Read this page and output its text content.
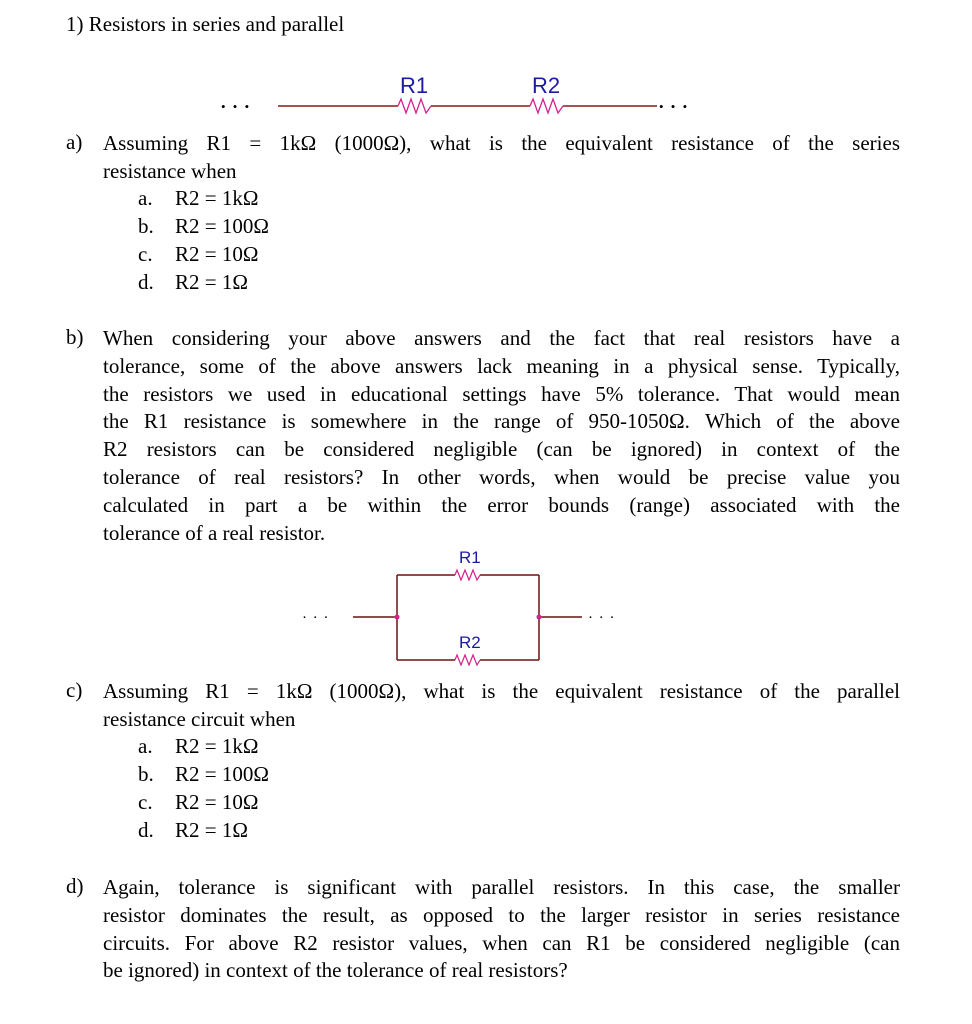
1) Resistors in series and parallel
R1	R2
• • •	• • •
a) Assuming R1 = 1kΩ (1000Ω), what is the equivalent resistance of the series
resistance when
a. R2 = 1kΩ
b. R2 = 100Ω
c. R2 = 10Ω
d. R2 = 1Ω
b) When considering your above answers and the fact that real resistors have a
tolerance, some of the above answers lack meaning in a physical sense. Typically,
the resistors we used in educational settings have 5% tolerance. That would mean
the R1 resistance is somewhere in the range of 950-1050Ω. Which of the above
R2 resistors can be considered negligible (can be ignored) in context of the
tolerance of real resistors? In other words, when would be precise value you
calculated in part a be within the error bounds (range) associated with the
tolerance of a real resistor.
R1
R2
· · ·	· · ·
c) Assuming R1 = 1kΩ (1000Ω), what is the equivalent resistance of the parallel
resistance circuit when
a. R2 = 1kΩ
b. R2 = 100Ω
c. R2 = 10Ω
d. R2 = 1Ω
d) Again, tolerance is significant with parallel resistors. In this case, the smaller
resistor dominates the result, as opposed to the larger resistor in series resistance
circuits. For above R2 resistor values, when can R1 be considered negligible (can
be ignored) in context of the tolerance of real resistors?
